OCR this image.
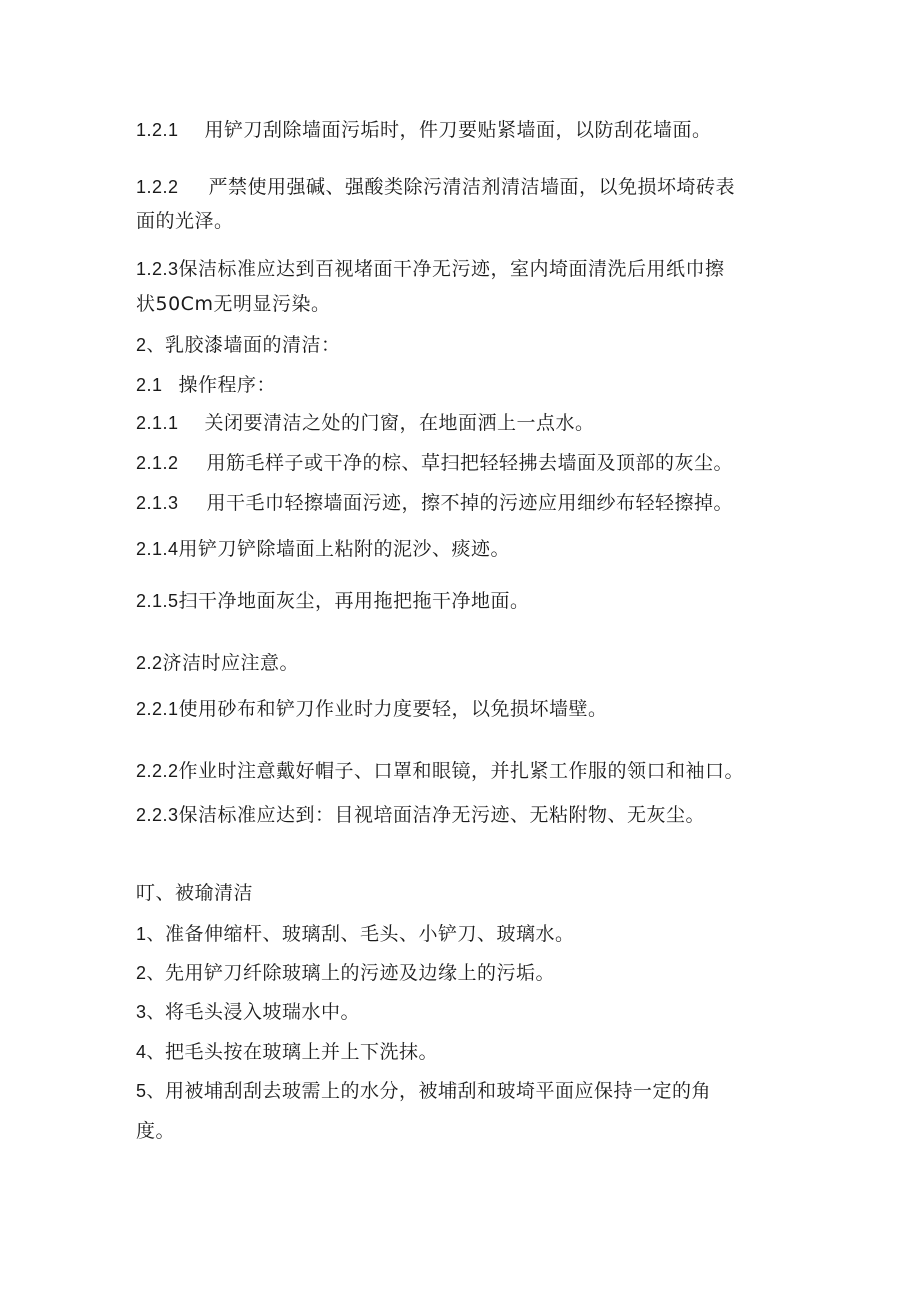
1.2.1 用铲刀刮除墙面污垢时，件刀要贴紧墙面，以防刮花墙面。
1.2.2 严禁使用强碱、强酸类除污清洁剂清洁墙面，以免损坏埼砖表
面的光泽。
1.2.3保洁标准应达到百视堵面干净无污迹，室内埼面清洗后用纸巾擦
状50Cm无明显污染。
2、乳胶漆墙面的清洁：
2.1 操作程序：
2.1.1 关闭要清洁之处的门窗，在地面洒上一点水。
2.1.2 用筋毛样子或干净的棕、草扫把轻轻拂去墙面及顶部的灰尘。
2.1.3 用干毛巾轻擦墙面污迹，擦不掉的污迹应用细纱布轻轻擦掉。
2.1.4用铲刀铲除墙面上粘附的泥沙、痰迹。
2.1.5扫干净地面灰尘，再用拖把拖干净地面。
2.2济洁时应注意。
2.2.1使用砂布和铲刀作业时力度要轻，以免损坏墙壁。
2.2.2作业时注意戴好帽子、口罩和眼镜，并扎紧工作服的领口和袖口。
2.2.3保洁标准应达到：目视培面洁净无污迹、无粘附物、无灰尘。
叮、被瑜清洁
1、准备伸缩杆、玻璃刮、毛头、小铲刀、玻璃水。
2、先用铲刀纤除玻璃上的污迹及边缘上的污垢。
3、将毛头浸入坡瑞水中。
4、把毛头按在玻璃上并上下洗抹。
5、用被埔刮刮去玻需上的水分，被埔刮和玻埼平面应保持一定的角
度。
